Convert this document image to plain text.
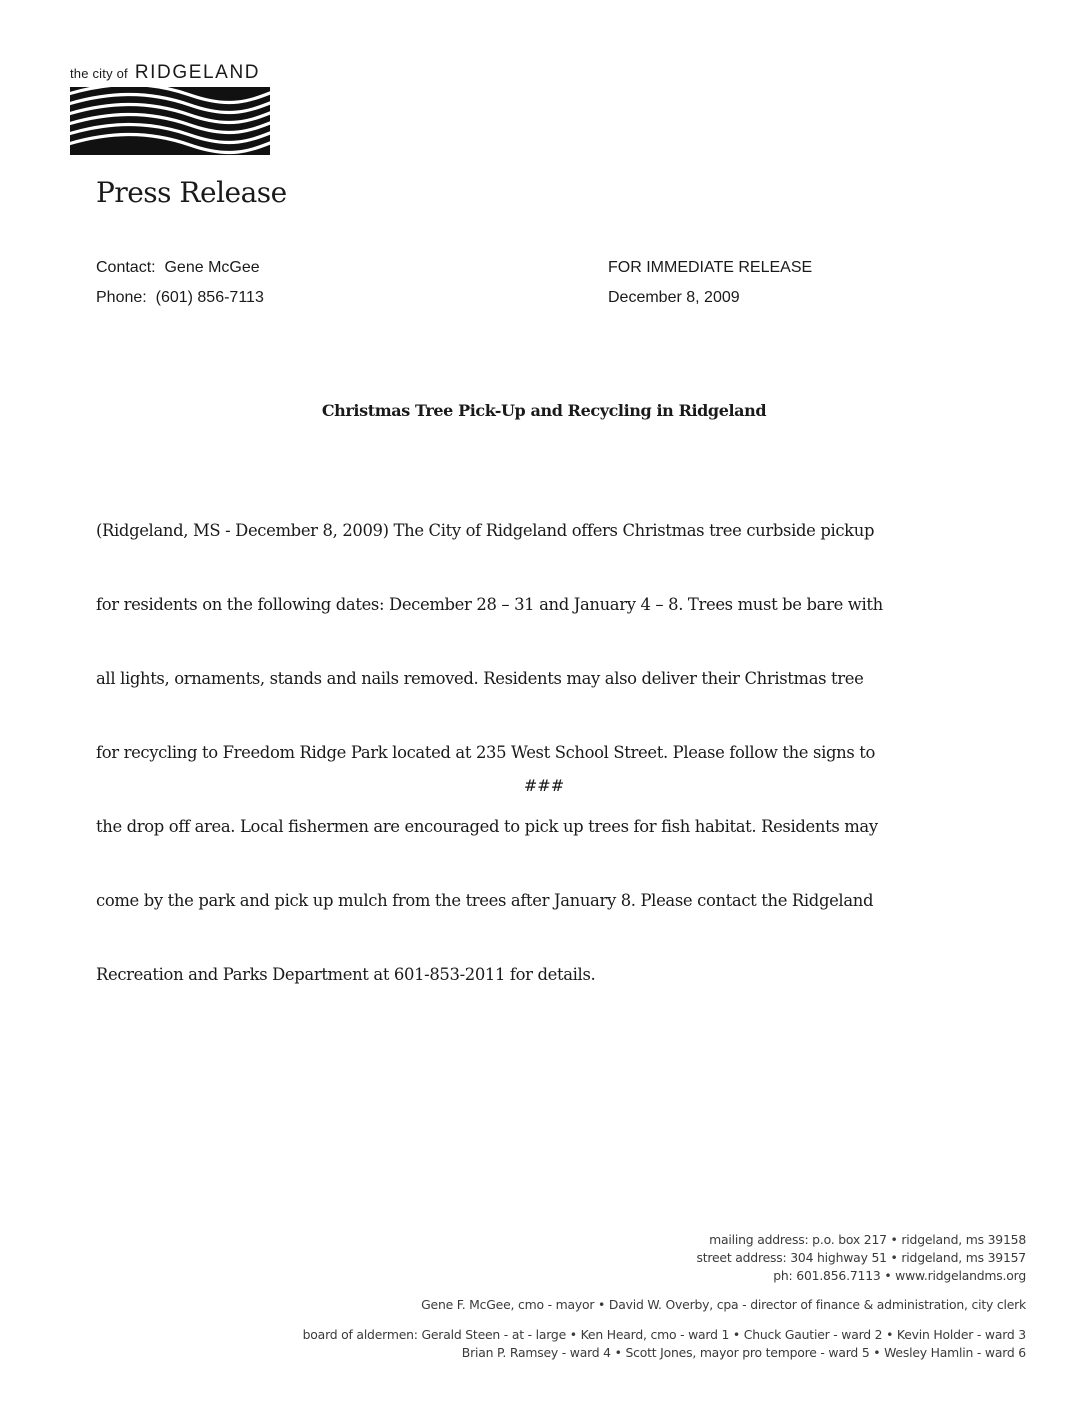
the city of RIDGELAND
Press Release
Contact: Gene McGee
Phone: (601) 856-7113
FOR IMMEDIATE RELEASE
December 8, 2009
Christmas Tree Pick-Up and Recycling in Ridgeland

(Ridgeland, MS - December 8, 2009) The City of Ridgeland offers Christmas tree curbside pickup

for residents on the following dates: December 28 – 31 and January 4 – 8. Trees must be bare with

all lights, ornaments, stands and nails removed. Residents may also deliver their Christmas tree

for recycling to Freedom Ridge Park located at 235 West School Street. Please follow the signs to

the drop off area. Local fishermen are encouraged to pick up trees for fish habitat. Residents may

come by the park and pick up mulch from the trees after January 8. Please contact the Ridgeland

Recreation and Parks Department at 601-853-2011 for details.

###
mailing address: p.o. box 217 • ridgeland, ms 39158
street address: 304 highway 51 • ridgeland, ms 39157
ph: 601.856.7113 • www.ridgelandms.org
Gene F. McGee, cmo - mayor • David W. Overby, cpa - director of finance & administration, city clerk
board of aldermen: Gerald Steen - at - large • Ken Heard, cmo - ward 1 • Chuck Gautier - ward 2 • Kevin Holder - ward 3
Brian P. Ramsey - ward 4 • Scott Jones, mayor pro tempore - ward 5 • Wesley Hamlin - ward 6
